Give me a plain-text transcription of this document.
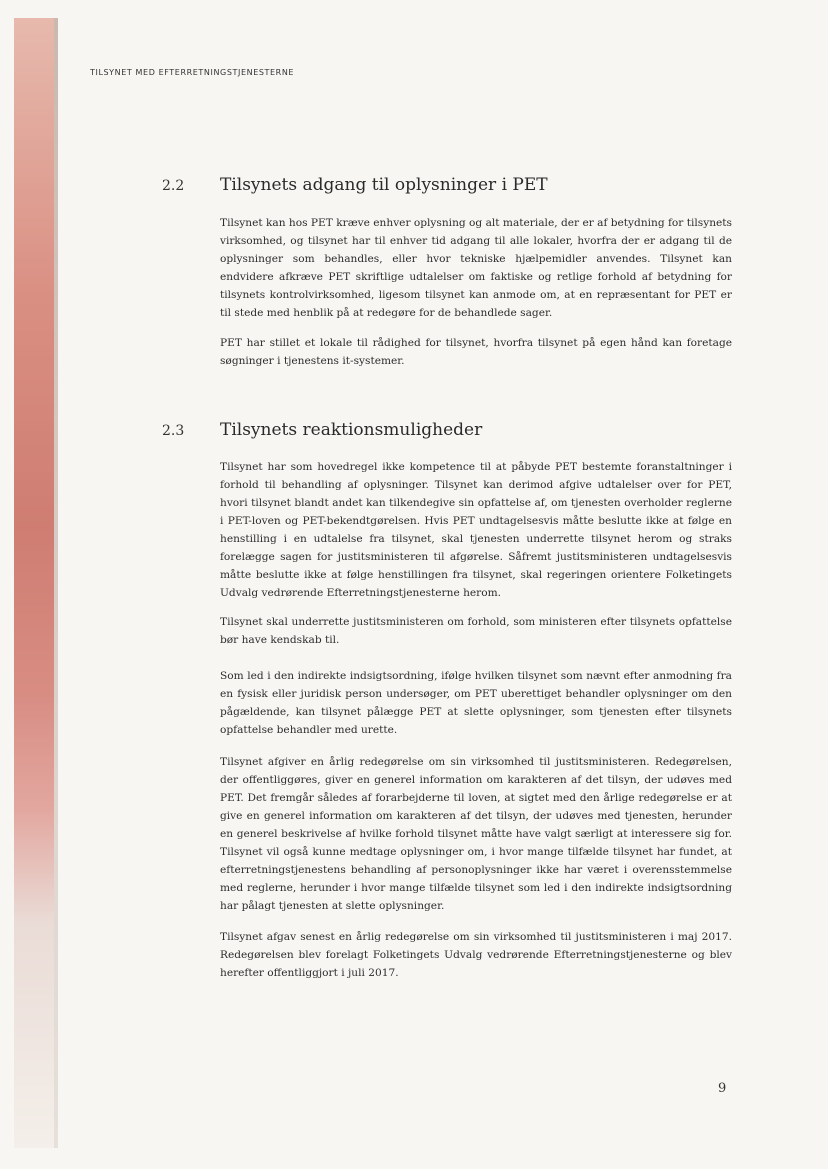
TILSYNET MED EFTERRETNINGSTJENESTERNE
2.2 Tilsynets adgang til oplysninger i PET

Tilsynet kan hos PET kræve enhver oplysning og alt materiale, der er af betydning for tilsynets virksomhed, og tilsynet har til enhver tid adgang til alle lokaler, hvorfra der er adgang til de oplysninger som behandles, eller hvor tekniske hjælpemidler anvendes. Tilsynet kan endvidere afkræve PET skriftlige udtalelser om faktiske og retlige forhold af betydning for tilsynets kontrolvirksomhed, ligesom tilsynet kan anmode om, at en repræsentant for PET er til stede med henblik på at redegøre for de behandlede sager.

PET har stillet et lokale til rådighed for tilsynet, hvorfra tilsynet på egen hånd kan foretage søgninger i tjenestens it-systemer.

2.3 Tilsynets reaktionsmuligheder

Tilsynet har som hovedregel ikke kompetence til at påbyde PET bestemte foranstaltninger i forhold til behandling af oplysninger. Tilsynet kan derimod afgive udtalelser over for PET, hvori tilsynet blandt andet kan tilkendegive sin opfattelse af, om tjenesten overholder reglerne i PET-loven og PET-bekendtgørelsen. Hvis PET undtagelsesvis måtte beslutte ikke at følge en henstilling i en udtalelse fra tilsynet, skal tjenesten underrette tilsynet herom og straks forelægge sagen for justitsministeren til afgørelse. Såfremt justitsministeren undtagelsesvis måtte beslutte ikke at følge henstillingen fra tilsynet, skal regeringen orientere Folketingets Udvalg vedrørende Efterretningstjenesterne herom.

Tilsynet skal underrette justitsministeren om forhold, som ministeren efter tilsynets opfattelse bør have kendskab til.

Som led i den indirekte indsigtsordning, ifølge hvilken tilsynet som nævnt efter anmodning fra en fysisk eller juridisk person undersøger, om PET uberettiget behandler oplysninger om den pågældende, kan tilsynet pålægge PET at slette oplysninger, som tjenesten efter tilsynets opfattelse behandler med urette.

Tilsynet afgiver en årlig redegørelse om sin virksomhed til justitsministeren. Redegørelsen, der offentliggøres, giver en generel information om karakteren af det tilsyn, der udøves med PET. Det fremgår således af forarbejderne til loven, at sigtet med den årlige redegørelse er at give en generel information om karakteren af det tilsyn, der udøves med tjenesten, herunder en generel beskrivelse af hvilke forhold tilsynet måtte have valgt særligt at interessere sig for. Tilsynet vil også kunne medtage oplysninger om, i hvor mange tilfælde tilsynet har fundet, at efterretningstjenestens behandling af personoplysninger ikke har været i overensstemmelse med reglerne, herunder i hvor mange tilfælde tilsynet som led i den indirekte indsigtsordning har pålagt tjenesten at slette oplysninger.

Tilsynet afgav senest en årlig redegørelse om sin virksomhed til justitsministeren i maj 2017. Redegørelsen blev forelagt Folketingets Udvalg vedrørende Efterretningstjenesterne og blev herefter offentliggjort i juli 2017.

9
